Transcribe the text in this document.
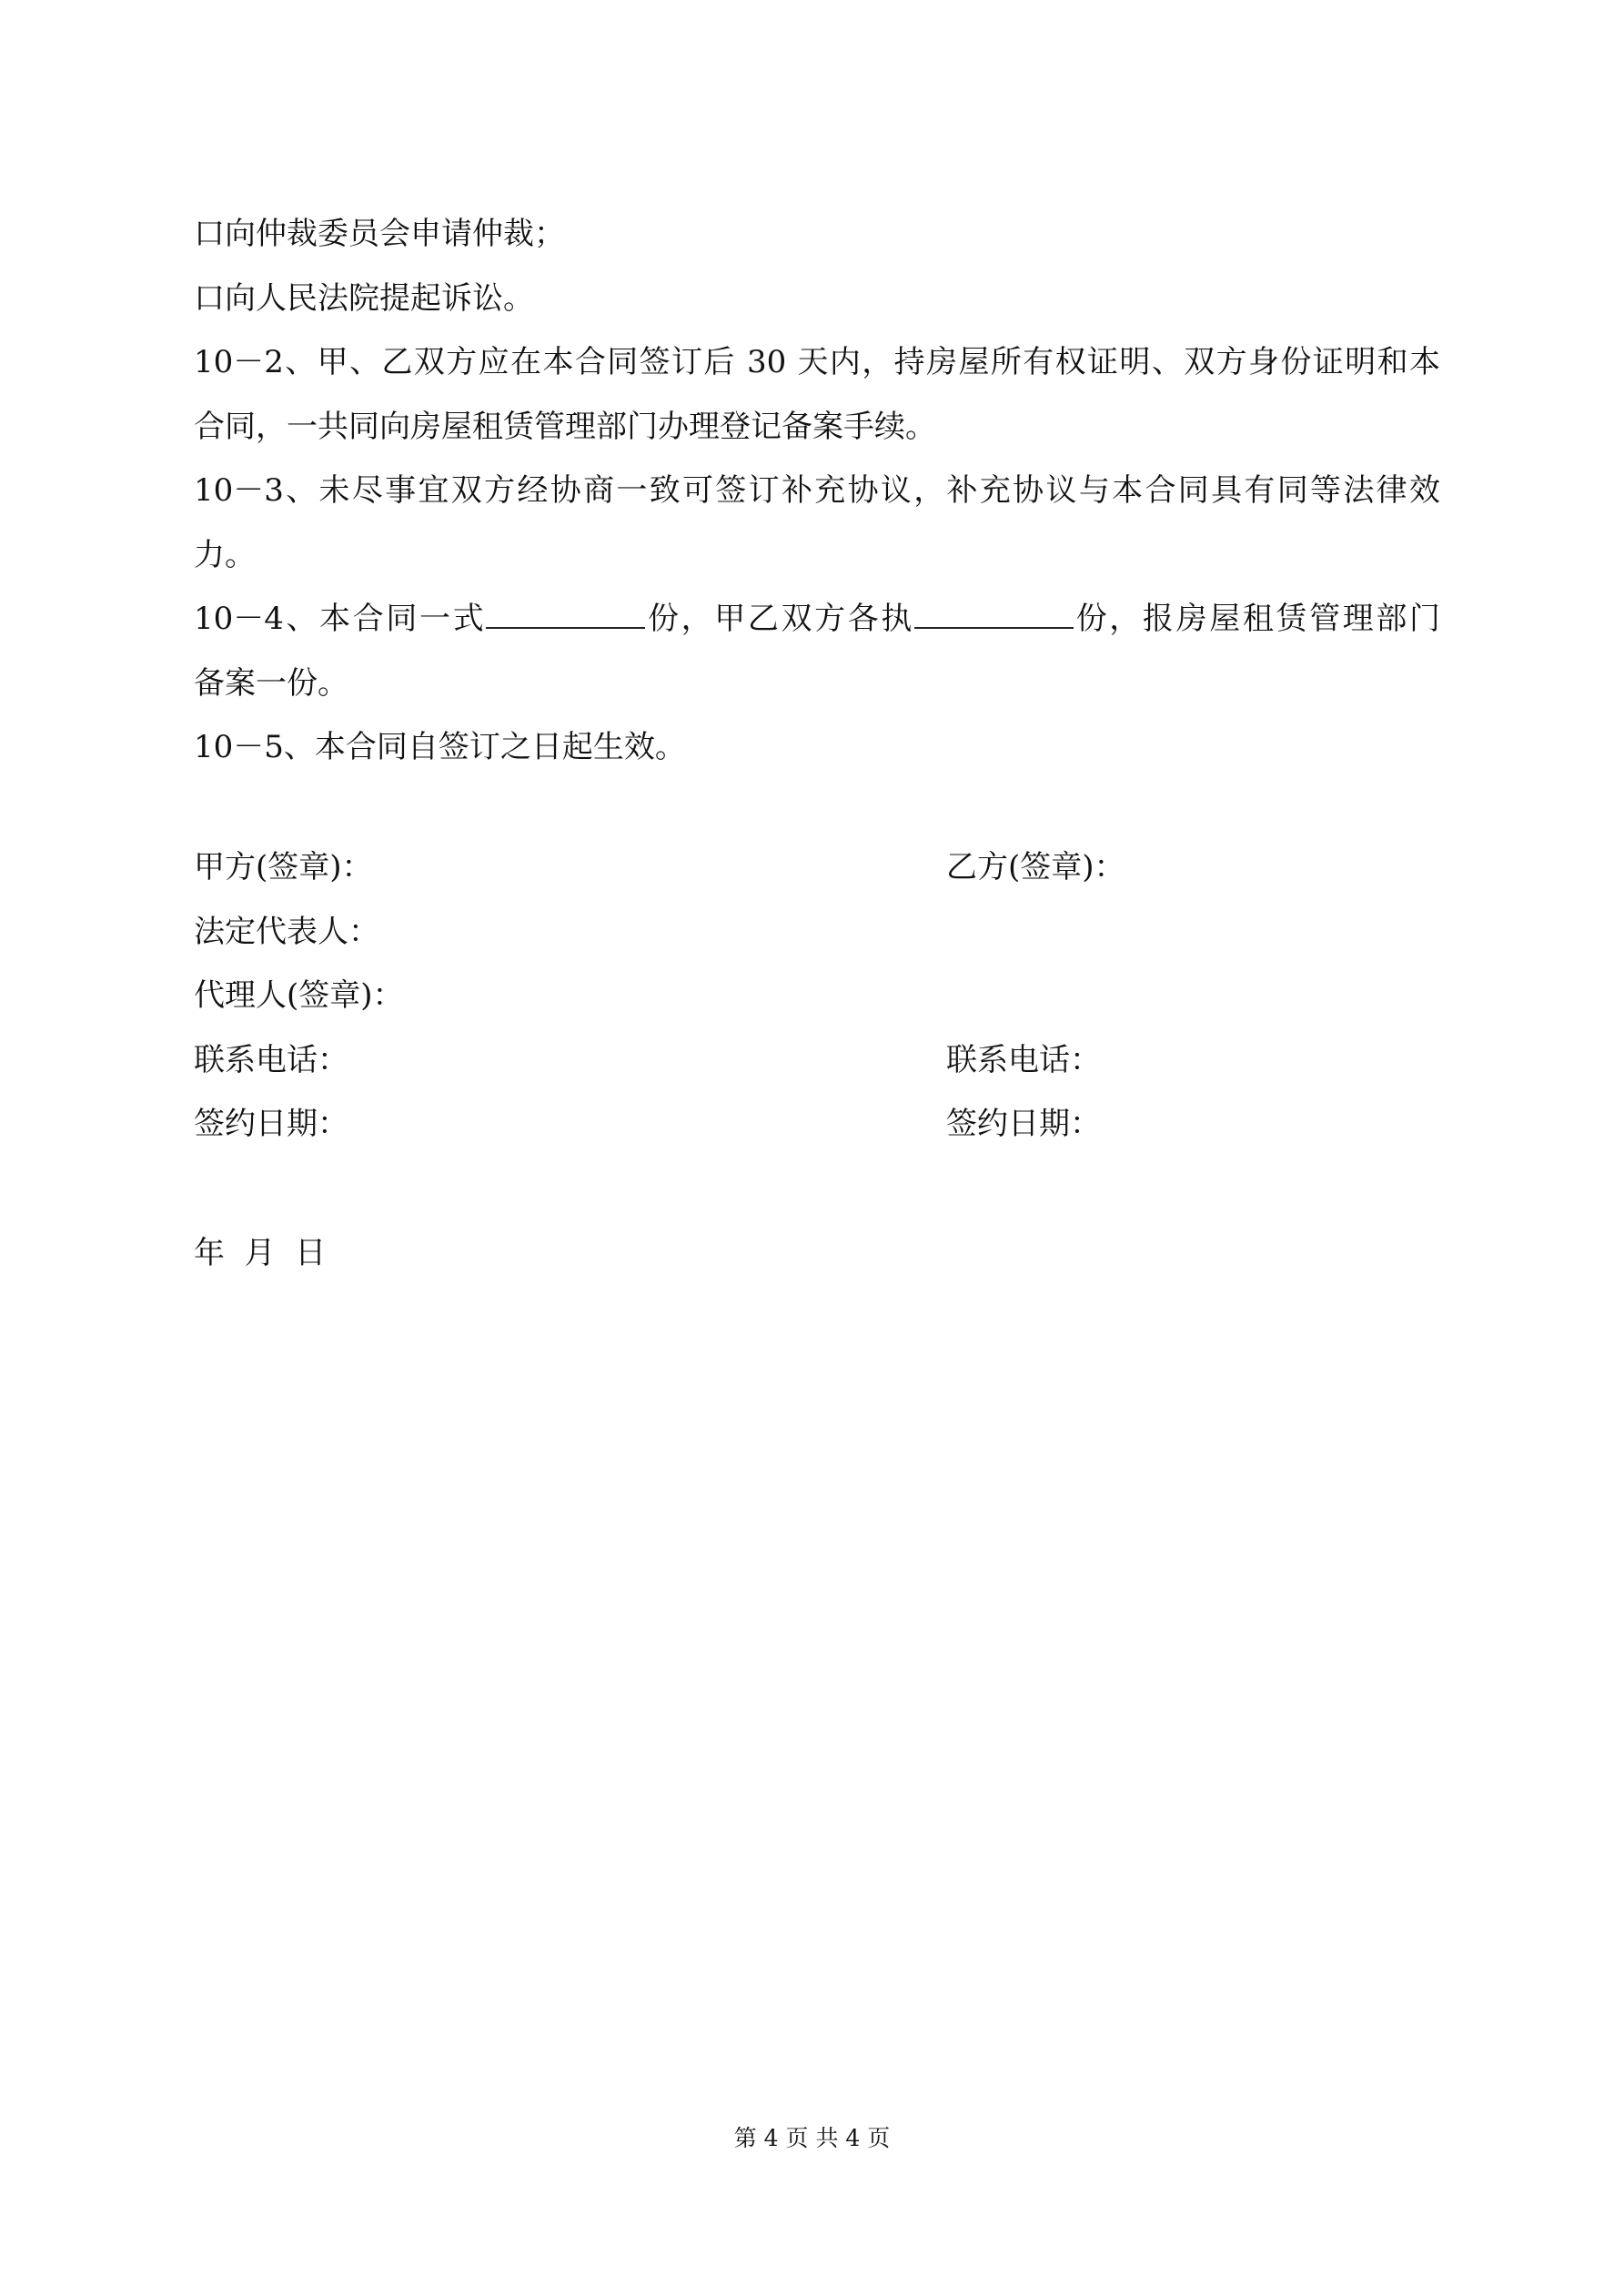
口向仲裁委员会申请仲裁；
口向人民法院提起诉讼。
10－2、甲、乙双方应在本合同签订后 30 天内，持房屋所有权证明、双方身份证明和本
合同，一共同向房屋租赁管理部门办理登记备案手续。
10－3、未尽事宜双方经协商一致可签订补充协议，补充协议与本合同具有同等法律效
力。
10－4、本合同一式	份，甲乙双方各执	份，报房屋租赁管理部门
备案一份。
10－5、本合同自签订之日起生效。
甲方(签章)：	乙方(签章)：
法定代表人：
代理人(签章)：
联系电话：	联系电话：
签约日期：	签约日期：
年  月  日
第 4 页 共 4 页
